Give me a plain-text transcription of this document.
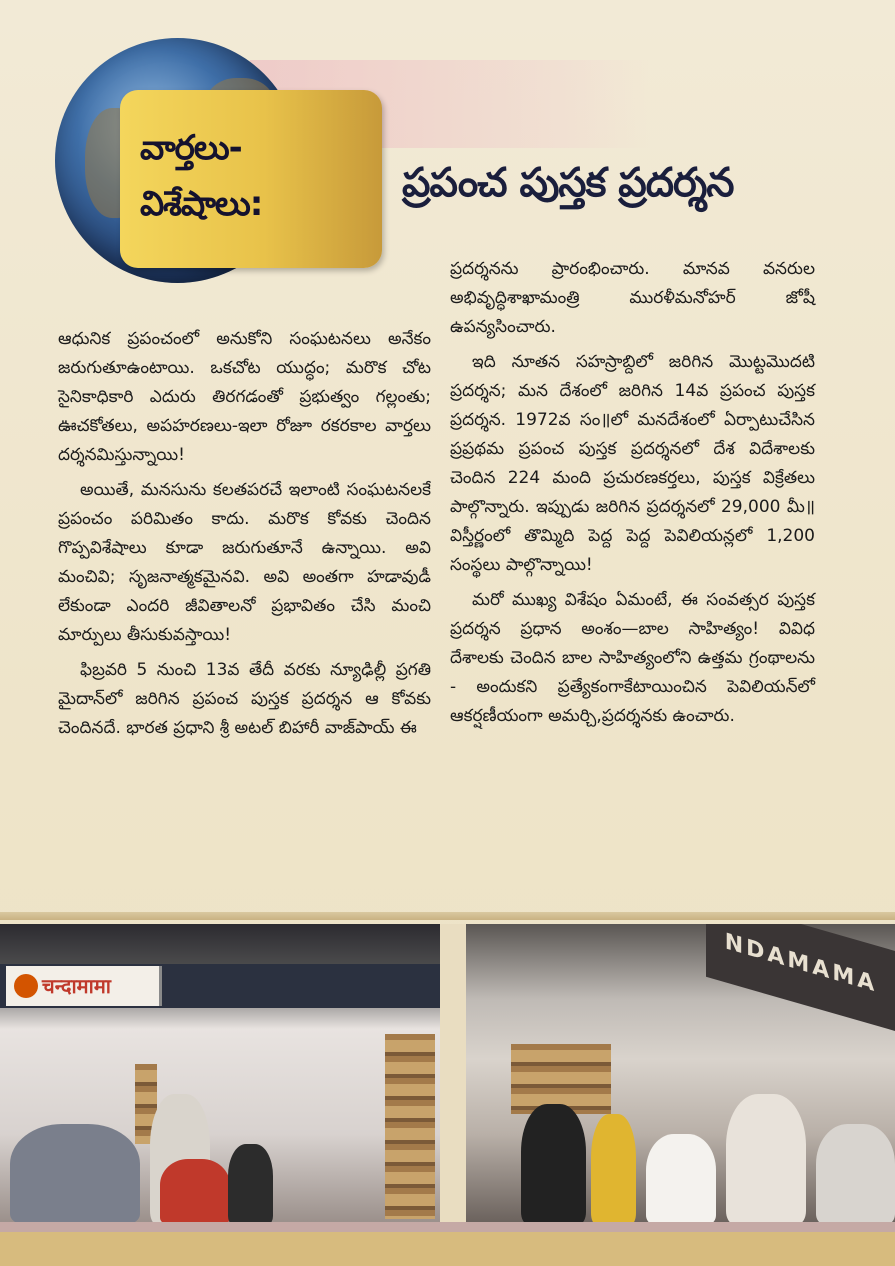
వార్తలు-
విశేషాలు:	ప్రపంచ పుస్తక ప్రదర్శన

ఆధునిక ప్రపంచంలో అనుకోని సంఘటనలు అనేకం జరుగుతూఉంటాయి. ఒకచోట యుద్ధం; మరొక చోట సైనికాధికారి ఎదురు తిరగడంతో ప్రభుత్వం గల్లంతు; ఊచకోతలు, అపహరణలు-ఇలా రోజూ రకరకాల వార్తలు దర్శనమిస్తున్నాయి!

అయితే, మనసును కలతపరచే ఇలాంటి సంఘటనలకే ప్రపంచం పరిమితం కాదు. మరొక కోవకు చెందిన గొప్పవిశేషాలు కూడా జరుగుతూనే ఉన్నాయి. అవి మంచివి; సృజనాత్మకమైనవి. అవి అంతగా హడావుడీ లేకుండా ఎందరి జీవితాలనో ప్రభావితం చేసి మంచి మార్పులు తీసుకువస్తాయి!

ఫిబ్రవరి 5 నుంచి 13వ తేదీ వరకు న్యూఢిల్లీ ప్రగతి మైదాన్‌లో జరిగిన ప్రపంచ పుస్తక ప్రదర్శన ఆ కోవకు చెందినదే. భారత ప్రధాని శ్రీ అటల్ బిహారీ వాజ్‌పాయ్ ఈ

ప్రదర్శనను ప్రారంభించారు. మానవ వనరుల అభివృద్ధిశాఖామంత్రి మురళీమనోహర్ జోషీ ఉపన్యసించారు.

ఇది నూతన సహస్రాబ్దిలో జరిగిన మొట్టమొదటి ప్రదర్శన; మన దేశంలో జరిగిన 14వ ప్రపంచ పుస్తక ప్రదర్శన. 1972వ సం॥లో మనదేశంలో ఏర్పాటుచేసిన ప్రప్రథమ ప్రపంచ పుస్తక ప్రదర్శనలో దేశ విదేశాలకు చెందిన 224 మంది ప్రచురణకర్తలు, పుస్తక విక్రేతలు పాల్గొన్నారు. ఇప్పుడు జరిగిన ప్రదర్శనలో 29,000 మీ॥ విస్తీర్ణంలో తొమ్మిది పెద్ద పెద్ద పెవిలియన్లలో 1,200 సంస్థలు పాల్గొన్నాయి!

మరో ముఖ్య విశేషం ఏమంటే, ఈ సంవత్సర పుస్తక ప్రదర్శన ప్రధాన అంశం—బాల సాహిత్యం! వివిధ దేశాలకు చెందిన బాల సాహిత్యంలోని ఉత్తమ గ్రంథాలను - అందుకని ప్రత్యేకంగాకేటాయించిన పెవిలియన్‌లో ఆకర్షణీయంగా అమర్చి,ప్రదర్శనకు ఉంచారు.

चन्दामामा	NDAMAMA
